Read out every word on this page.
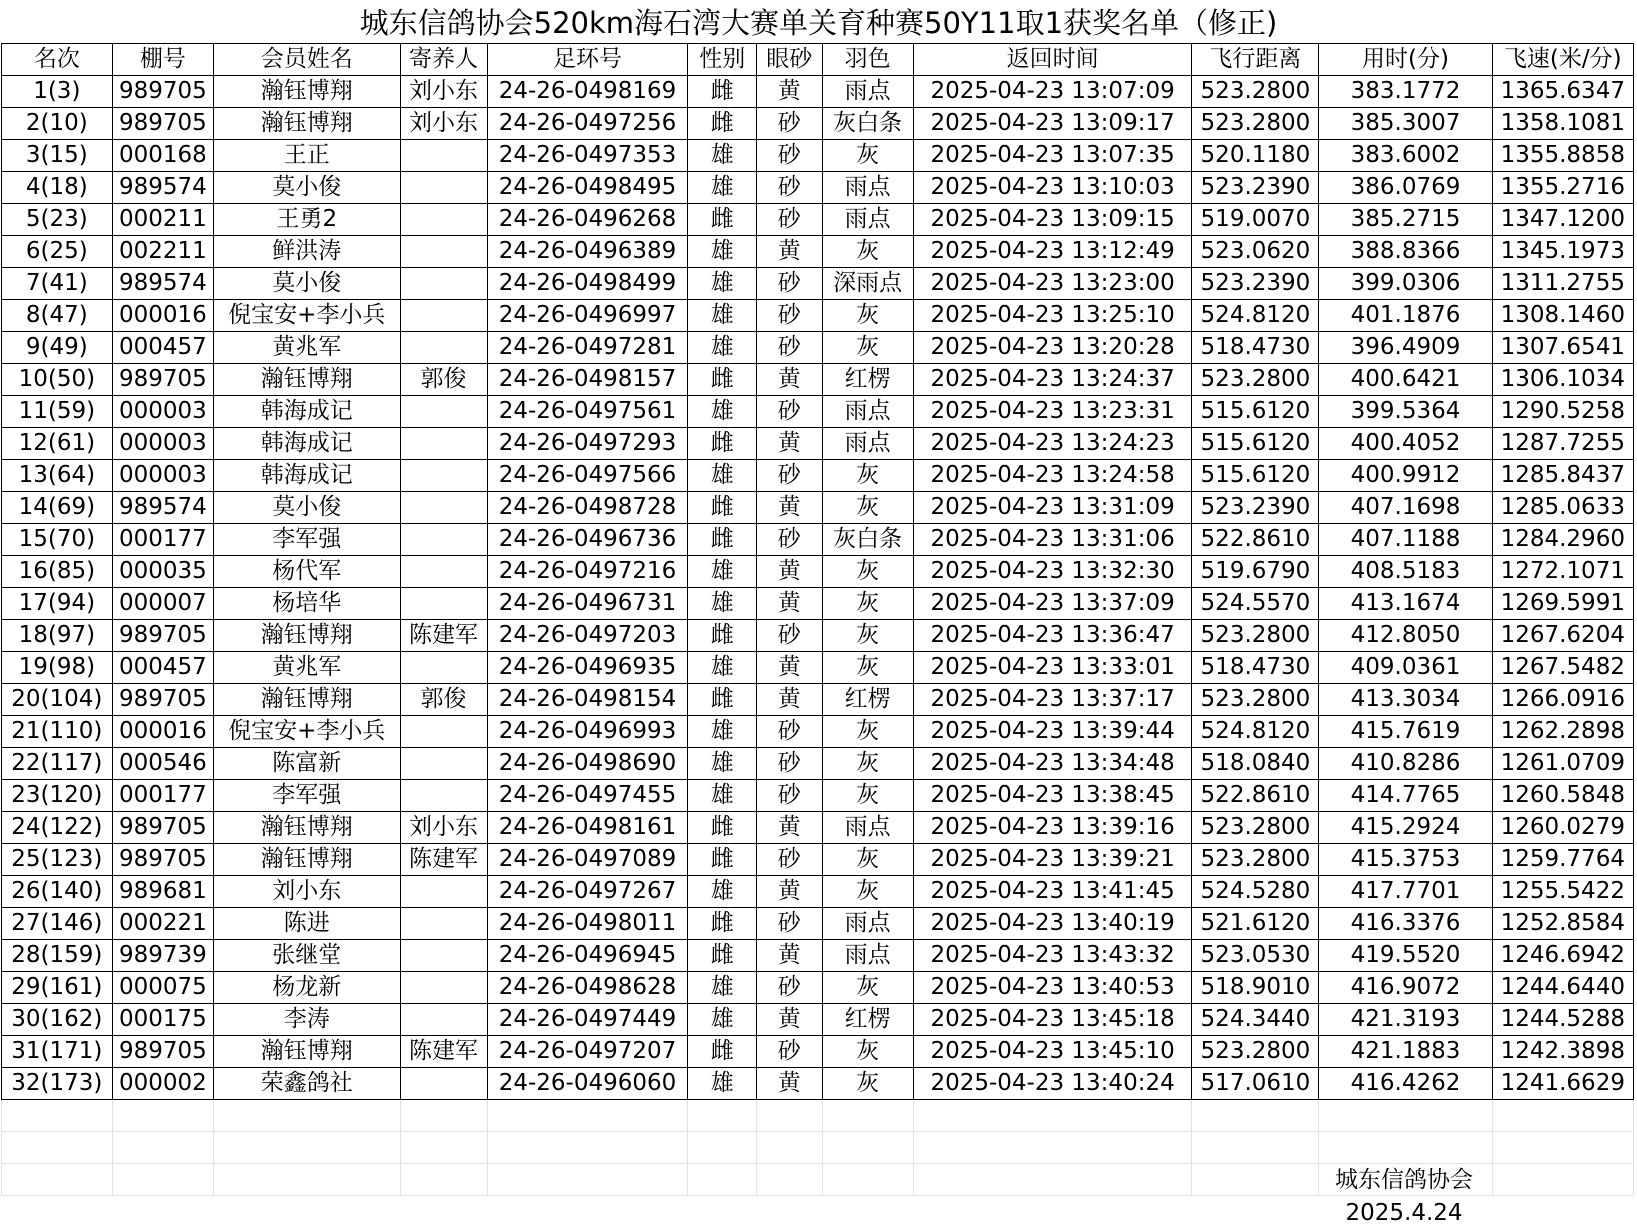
城东信鸽协会520km海石湾大赛单关育种赛50Y11取1获奖名单（修正)
名次	棚号	会员姓名	寄养人	足环号	性别	眼砂	羽色	返回时间	飞行距离	用时(分)	飞速(米/分)
1(3)	989705	瀚钰博翔	刘小东	24-26-0498169	雌	黄	雨点	2025-04-23 13:07:09	523.2800	383.1772	1365.6347
2(10)	989705	瀚钰博翔	刘小东	24-26-0497256	雌	砂	灰白条	2025-04-23 13:09:17	523.2800	385.3007	1358.1081
3(15)	000168	王正		24-26-0497353	雄	砂	灰	2025-04-23 13:07:35	520.1180	383.6002	1355.8858
4(18)	989574	莫小俊		24-26-0498495	雄	砂	雨点	2025-04-23 13:10:03	523.2390	386.0769	1355.2716
5(23)	000211	王勇2		24-26-0496268	雌	砂	雨点	2025-04-23 13:09:15	519.0070	385.2715	1347.1200
6(25)	002211	鲜洪涛		24-26-0496389	雄	黄	灰	2025-04-23 13:12:49	523.0620	388.8366	1345.1973
7(41)	989574	莫小俊		24-26-0498499	雄	砂	深雨点	2025-04-23 13:23:00	523.2390	399.0306	1311.2755
8(47)	000016	倪宝安+李小兵		24-26-0496997	雄	砂	灰	2025-04-23 13:25:10	524.8120	401.1876	1308.1460
9(49)	000457	黄兆军		24-26-0497281	雄	砂	灰	2025-04-23 13:20:28	518.4730	396.4909	1307.6541
10(50)	989705	瀚钰博翔	郭俊	24-26-0498157	雌	黄	红楞	2025-04-23 13:24:37	523.2800	400.6421	1306.1034
11(59)	000003	韩海成记		24-26-0497561	雄	砂	雨点	2025-04-23 13:23:31	515.6120	399.5364	1290.5258
12(61)	000003	韩海成记		24-26-0497293	雌	黄	雨点	2025-04-23 13:24:23	515.6120	400.4052	1287.7255
13(64)	000003	韩海成记		24-26-0497566	雄	砂	灰	2025-04-23 13:24:58	515.6120	400.9912	1285.8437
14(69)	989574	莫小俊		24-26-0498728	雌	黄	灰	2025-04-23 13:31:09	523.2390	407.1698	1285.0633
15(70)	000177	李军强		24-26-0496736	雌	砂	灰白条	2025-04-23 13:31:06	522.8610	407.1188	1284.2960
16(85)	000035	杨代军		24-26-0497216	雄	黄	灰	2025-04-23 13:32:30	519.6790	408.5183	1272.1071
17(94)	000007	杨培华		24-26-0496731	雄	黄	灰	2025-04-23 13:37:09	524.5570	413.1674	1269.5991
18(97)	989705	瀚钰博翔	陈建军	24-26-0497203	雌	砂	灰	2025-04-23 13:36:47	523.2800	412.8050	1267.6204
19(98)	000457	黄兆军		24-26-0496935	雄	黄	灰	2025-04-23 13:33:01	518.4730	409.0361	1267.5482
20(104)	989705	瀚钰博翔	郭俊	24-26-0498154	雌	黄	红楞	2025-04-23 13:37:17	523.2800	413.3034	1266.0916
21(110)	000016	倪宝安+李小兵		24-26-0496993	雄	砂	灰	2025-04-23 13:39:44	524.8120	415.7619	1262.2898
22(117)	000546	陈富新		24-26-0498690	雄	砂	灰	2025-04-23 13:34:48	518.0840	410.8286	1261.0709
23(120)	000177	李军强		24-26-0497455	雄	砂	灰	2025-04-23 13:38:45	522.8610	414.7765	1260.5848
24(122)	989705	瀚钰博翔	刘小东	24-26-0498161	雌	黄	雨点	2025-04-23 13:39:16	523.2800	415.2924	1260.0279
25(123)	989705	瀚钰博翔	陈建军	24-26-0497089	雌	砂	灰	2025-04-23 13:39:21	523.2800	415.3753	1259.7764
26(140)	989681	刘小东		24-26-0497267	雄	黄	灰	2025-04-23 13:41:45	524.5280	417.7701	1255.5422
27(146)	000221	陈进		24-26-0498011	雌	砂	雨点	2025-04-23 13:40:19	521.6120	416.3376	1252.8584
28(159)	989739	张继堂		24-26-0496945	雌	黄	雨点	2025-04-23 13:43:32	523.0530	419.5520	1246.6942
29(161)	000075	杨龙新		24-26-0498628	雄	砂	灰	2025-04-23 13:40:53	518.9010	416.9072	1244.6440
30(162)	000175	李涛		24-26-0497449	雄	黄	红楞	2025-04-23 13:45:18	524.3440	421.3193	1244.5288
31(171)	989705	瀚钰博翔	陈建军	24-26-0497207	雌	砂	灰	2025-04-23 13:45:10	523.2800	421.1883	1242.3898
32(173)	000002	荣鑫鸽社		24-26-0496060	雄	黄	灰	2025-04-23 13:40:24	517.0610	416.4262	1241.6629

城东信鸽协会
2025.4.24
